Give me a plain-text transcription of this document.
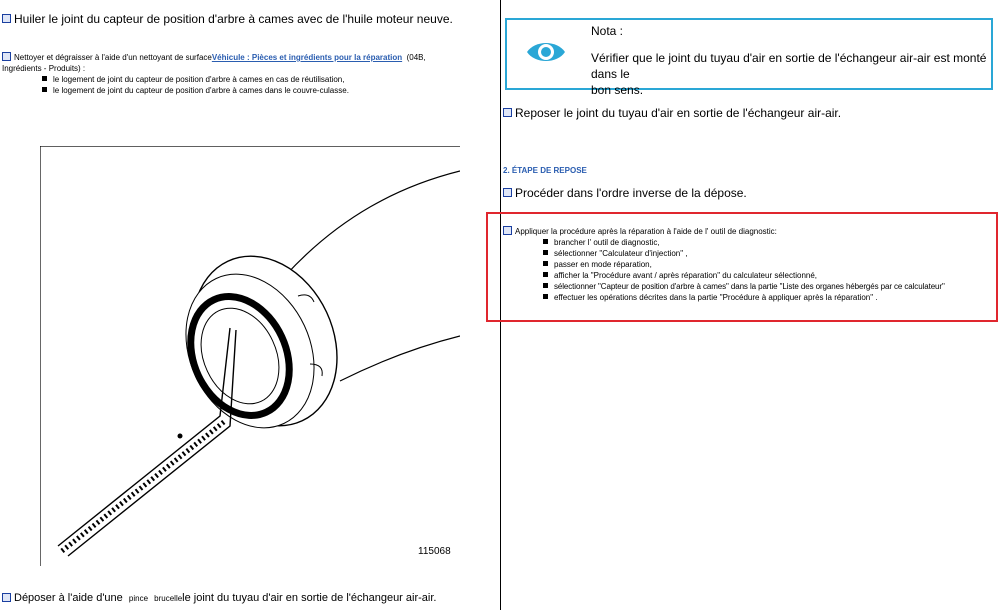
Huiler le joint du capteur de position d'arbre à cames avec de l'huile moteur neuve.
Nettoyer et dégraisser à l'aide d'un nettoyant de surfaceVéhicule : Pièces et ingrédients pour la réparation (04B,
Ingrédients - Produits) :
le logement de joint du capteur de position d'arbre à cames en cas de réutilisation,
le logement de joint du capteur de position d'arbre à cames dans le couvre-culasse.
115068
Déposer à l'aide d'une pince brucellele joint du tuyau d'air en sortie de l'échangeur air-air.
Nota :
Vérifier que le joint du tuyau d'air en sortie de l'échangeur air-air est monté dans le
bon sens.
Reposer le joint du tuyau d'air en sortie de l'échangeur air-air.
2. ÉTAPE DE REPOSE
Procéder dans l'ordre inverse de la dépose.
Appliquer la procédure après la réparation à l'aide de l' outil de diagnostic:
brancher l' outil de diagnostic,
sélectionner "Calculateur d'injection" ,
passer en mode réparation,
afficher la "Procédure avant / après réparation" du calculateur sélectionné,
sélectionner "Capteur de position d'arbre à cames" dans la partie "Liste des organes hébergés par ce calculateur"
effectuer les opérations décrites dans la partie "Procédure à appliquer après la réparation" .
